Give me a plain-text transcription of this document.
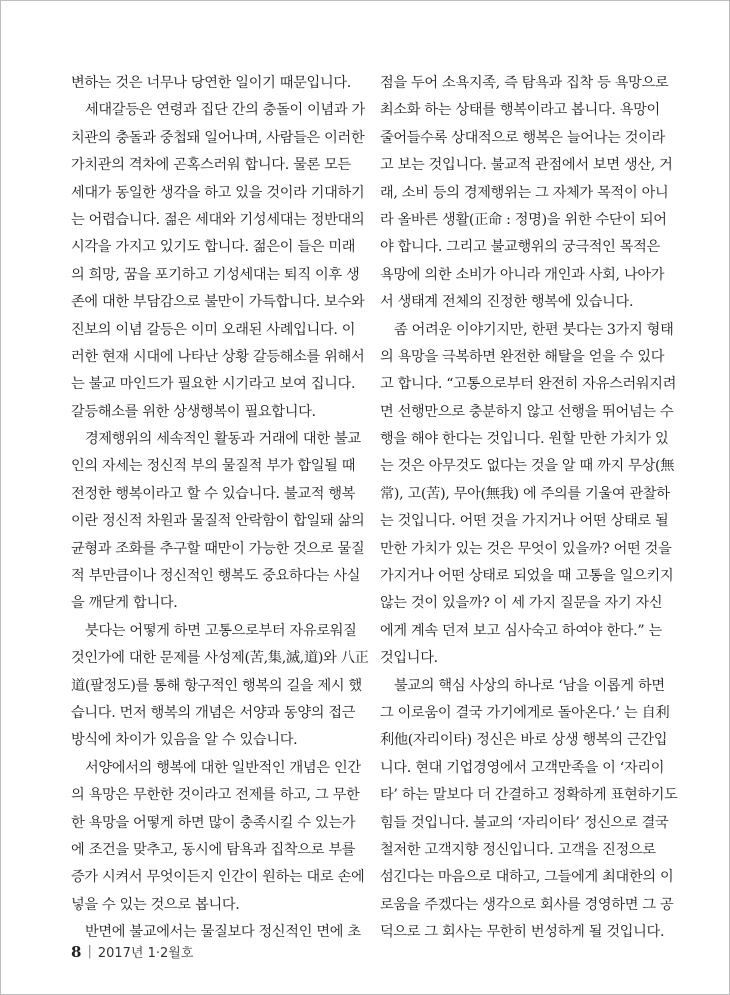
변하는 것은 너무나 당연한 일이기 때문입니다.
세대갈등은 연령과 집단 간의 충돌이 이념과 가
치관의 충돌과 중첩돼 일어나며, 사람들은 이러한
가치관의 격차에 곤혹스러워 합니다. 물론 모든
세대가 동일한 생각을 하고 있을 것이라 기대하기
는 어렵습니다. 젊은 세대와 기성세대는 정반대의
시각을 가지고 있기도 합니다. 젊은이 들은 미래
의 희망, 꿈을 포기하고 기성세대는 퇴직 이후 생
존에 대한 부담감으로 불만이 가득합니다. 보수와
진보의 이념 갈등은 이미 오래된 사례입니다. 이
러한 현재 시대에 나타난 상황 갈등해소를 위해서
는 불교 마인드가 필요한 시기라고 보여 집니다.
갈등해소를 위한 상생행복이 필요합니다.
경제행위의 세속적인 활동과 거래에 대한 불교
인의 자세는 정신적 부의 물질적 부가 합일될 때
전정한 행복이라고 할 수 있습니다. 불교적 행복
이란 정신적 차원과 물질적 안락함이 합일돼 삶의
균형과 조화를 추구할 때만이 가능한 것으로 물질
적 부만큼이나 정신적인 행복도 중요하다는 사실
을 깨닫게 합니다.
붓다는 어떻게 하면 고통으로부터 자유로워질
것인가에 대한 문제를 사성제(苦,集,滅,道)와 八正
道(팔정도)를 통해 항구적인 행복의 길을 제시 했
습니다. 먼저 행복의 개념은 서양과 동양의 접근
방식에 차이가 있음을 알 수 있습니다.
서양에서의 행복에 대한 일반적인 개념은 인간
의 욕망은 무한한 것이라고 전제를 하고, 그 무한
한 욕망을 어떻게 하면 많이 충족시킬 수 있는가
에 조건을 맞추고, 동시에 탐욕과 집착으로 부를
증가 시켜서 무엇이든지 인간이 원하는 대로 손에
넣을 수 있는 것으로 봅니다.
반면에 불교에서는 물질보다 정신적인 면에 초
점을 두어 소욕지족, 즉 탐욕과 집착 등 욕망으로
최소화 하는 상태를 행복이라고 봅니다. 욕망이
줄어들수록 상대적으로 행복은 늘어나는 것이라
고 보는 것입니다. 불교적 관점에서 보면 생산, 거
래, 소비 등의 경제행위는 그 자체가 목적이 아니
라 올바른 생활(正命 : 정명)을 위한 수단이 되어
야 합니다. 그리고 불교행위의 궁극적인 목적은
욕망에 의한 소비가 아니라 개인과 사회, 나아가
서 생태계 전체의 진정한 행복에 있습니다.
좀 어려운 이야기지만, 한편 붓다는 3가지 형태
의 욕망을 극복하면 완전한 해탈을 얻을 수 있다
고 합니다. “고통으로부터 완전히 자유스러워지려
면 선행만으로 충분하지 않고 선행을 뛰어넘는 수
행을 해야 한다는 것입니다. 원할 만한 가치가 있
는 것은 아무것도 없다는 것을 알 때 까지 무상(無
常), 고(苦), 무아(無我) 에 주의를 기울여 관찰하
는 것입니다. 어떤 것을 가지거나 어떤 상태로 될
만한 가치가 있는 것은 무엇이 있을까? 어떤 것을
가지거나 어떤 상태로 되었을 때 고통을 일으키지
않는 것이 있을까? 이 세 가지 질문을 자기 자신
에게 계속 던져 보고 심사숙고 하여야 한다.” 는
것입니다.
불교의 핵심 사상의 하나로 ‘남을 이롭게 하면
그 이로움이 결국 가기에게로 돌아온다.’ 는 自利
利他(자리이타) 정신은 바로 상생 행복의 근간입
니다. 현대 기업경영에서 고객만족을 이 ‘자리이
타’ 하는 말보다 더 간결하고 정확하게 표현하기도
힘들 것입니다. 불교의 ‘자리이타’ 정신으로 결국
철저한 고객지향 정신입니다. 고객을 진정으로
섬긴다는 마음으로 대하고, 그들에게 최대한의 이
로움을 주겠다는 생각으로 회사를 경영하면 그 공
덕으로 그 회사는 무한히 번성하게 될 것입니다.
8 | 2017년 1·2월호
